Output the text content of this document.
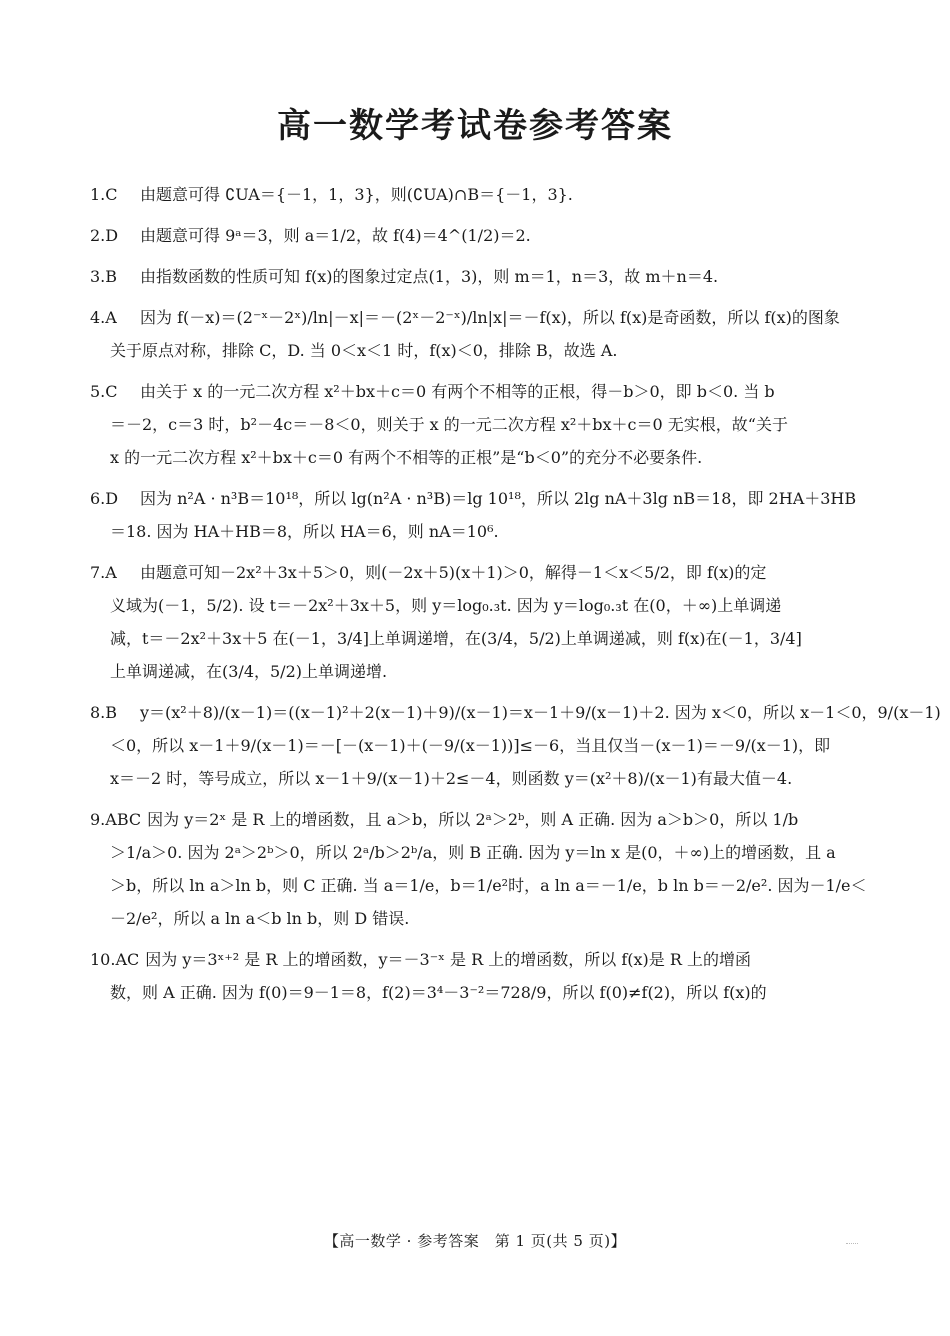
高一数学考试卷参考答案
1.C 由题意可得 ∁UA＝{－1，1，3}，则(∁UA)∩B＝{－1，3}.
2.D 由题意可得 9ᵃ＝3，则 a＝1/2，故 f(4)＝4^(1/2)＝2.
3.B 由指数函数的性质可知 f(x)的图象过定点(1，3)，则 m＝1，n＝3，故 m＋n＝4.
4.A 因为 f(－x)＝(2⁻ˣ－2ˣ)/ln|－x|＝－(2ˣ－2⁻ˣ)/ln|x|＝－f(x)，所以 f(x)是奇函数，所以 f(x)的图象
关于原点对称，排除 C，D. 当 0＜x＜1 时，f(x)＜0，排除 B，故选 A.
5.C 由关于 x 的一元二次方程 x²＋bx＋c＝0 有两个不相等的正根，得－b＞0，即 b＜0. 当 b
＝－2，c＝3 时，b²－4c＝－8＜0，则关于 x 的一元二次方程 x²＋bx＋c＝0 无实根，故“关于
x 的一元二次方程 x²＋bx＋c＝0 有两个不相等的正根”是“b＜0”的充分不必要条件.
6.D 因为 n²A · n³B＝10¹⁸，所以 lg(n²A · n³B)＝lg 10¹⁸，所以 2lg nA＋3lg nB＝18，即 2HA＋3HB
＝18. 因为 HA＋HB＝8，所以 HA＝6，则 nA＝10⁶.
7.A 由题意可知－2x²＋3x＋5＞0，则(－2x＋5)(x＋1)＞0，解得－1＜x＜5/2，即 f(x)的定
义域为(－1，5/2). 设 t＝－2x²＋3x＋5，则 y＝log₀.₃t. 因为 y＝log₀.₃t 在(0，＋∞)上单调递
减，t＝－2x²＋3x＋5 在(－1，3/4]上单调递增，在(3/4，5/2)上单调递减，则 f(x)在(－1，3/4]
上单调递减，在(3/4，5/2)上单调递增.
8.B y＝(x²＋8)/(x－1)＝((x－1)²＋2(x－1)＋9)/(x－1)＝x－1＋9/(x－1)＋2. 因为 x＜0，所以 x－1＜0，9/(x－1)
＜0，所以 x－1＋9/(x－1)＝－[－(x－1)＋(－9/(x－1))]≤－6，当且仅当－(x－1)＝－9/(x－1)，即
x＝－2 时，等号成立，所以 x－1＋9/(x－1)＋2≤－4，则函数 y＝(x²＋8)/(x－1)有最大值－4.
9.ABC 因为 y＝2ˣ 是 R 上的增函数，且 a＞b，所以 2ᵃ＞2ᵇ，则 A 正确. 因为 a＞b＞0，所以 1/b
＞1/a＞0. 因为 2ᵃ＞2ᵇ＞0，所以 2ᵃ/b＞2ᵇ/a，则 B 正确. 因为 y＝ln x 是(0，＋∞)上的增函数，且 a
＞b，所以 ln a＞ln b，则 C 正确. 当 a＝1/e，b＝1/e²时，a ln a＝－1/e，b ln b＝－2/e². 因为－1/e＜
－2/e²，所以 a ln a＜b ln b，则 D 错误.
10.AC 因为 y＝3ˣ⁺² 是 R 上的增函数，y＝－3⁻ˣ 是 R 上的增函数，所以 f(x)是 R 上的增函
数，则 A 正确. 因为 f(0)＝9－1＝8，f(2)＝3⁴－3⁻²＝728/9，所以 f(0)≠f(2)，所以 f(x)的
【高一数学 · 参考答案　第 1 页(共 5 页)】
